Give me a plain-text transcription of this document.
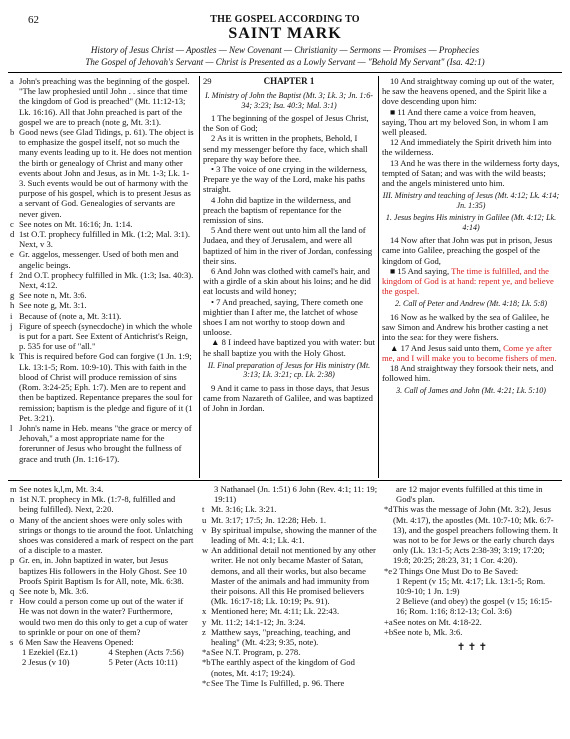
62	THE GOSPEL ACCORDING TO
SAINT MARK
History of Jesus Christ — Apostles — New Covenant — Christianity — Sermons — Promises — Prophecies
The Gospel of Jehovah's Servant — Christ is Presented as a Lowly Servant — "Behold My Servant" (Isa. 42:1)

a John's preaching was the beginning of the gospel. "The law prophesied until John . . since that time the kingdom of God is preached" (Mt. 11:12-13; Lk. 16:16). All that John preached is part of the gospel we are to preach (note g, Mt. 3:1).

b Good news (see Glad Tidings, p. 61). The object is to emphasize the gospel itself, not so much the many events leading up to it. He does not mention the birth or genealogy of Christ and many other events about John and Jesus, as in Mt. 1-3; Lk. 1-3. Such events would be out of harmony with the purpose of his gospel, which is to present Jesus as a servant of God. Genealogies of servants are never given.

c See notes on Mt. 16:16; Jn. 1:14.

d 1st O.T. prophecy fulfilled in Mk. (1:2; Mal. 3:1). Next, v 3.

e Gr. aggelos, messenger. Used of both men and angelic beings.

f 2nd O.T. prophecy fulfilled in Mk. (1:3; Isa. 40:3). Next, 4:12.

g See note n, Mt. 3:6.

h See note g, Mt. 3:1.

i Because of (note a, Mt. 3:11).

j Figure of speech (synecdoche) in which the whole is put for a part. See Extent of Antichrist's Reign, p. 535 for use of "all."

k This is required before God can forgive (1 Jn. 1:9; Lk. 13:1-5; Rom. 10:9-10). This with faith in the blood of Christ will produce remission of sins (Rom. 3:24-25; Eph. 1:7). Men are to repent and then be baptized. Repentance prepares the soul for remission; baptism is the pledge and figure of it (1 Pet. 3:21).

l John's name in Heb. means "the grace or mercy of Jehovah," a most appropriate name for the forerunner of Jesus who brought the fullness of grace and truth (Jn. 1:16-17).

29	CHAPTER 1
I. Ministry of John the Baptist (Mt. 3; Lk. 3; Jn. 1:6-34; 3:23; Isa. 40:3; Mal. 3:1)

1 The beginning of the gospel of Jesus Christ, the Son of God;

2 As it is written in the prophets, Behold, I send my messenger before thy face, which shall prepare thy way before thee.

• 3 The voice of one crying in the wilderness, Prepare ye the way of the Lord, make his paths straight.

4 John did baptize in the wilderness, and preach the baptism of repentance for the remission of sins.

5 And there went out unto him all the land of Judaea, and they of Jerusalem, and were all baptized of him in the river of Jordan, confessing their sins.

6 And John was clothed with camel's hair, and with a girdle of a skin about his loins; and he did eat locusts and wild honey;

• 7 And preached, saying, There cometh one mightier than I after me, the latchet of whose shoes I am not worthy to stoop down and unloose.

▲ 8 I indeed have baptized you with water: but he shall baptize you with the Holy Ghost.

II. Final preparation of Jesus for His ministry (Mt. 3:13; Lk. 3:21; cp. Lk. 2:38)

9 And it came to pass in those days, that Jesus came from Nazareth of Galilee, and was baptized of John in Jordan.

10 And straightway coming up out of the water, he saw the heavens opened, and the Spirit like a dove descending upon him:

■ 11 And there came a voice from heaven, saying, Thou art my beloved Son, in whom I am well pleased.

12 And immediately the Spirit driveth him into the wilderness.

13 And he was there in the wilderness forty days, tempted of Satan; and was with the wild beasts; and the angels ministered unto him.

III. Ministry and teaching of Jesus (Mt. 4:12; Lk. 4:14; Jn. 1:35)
1. Jesus begins His ministry in Galilee (Mt. 4:12; Lk. 4:14)

14 Now after that John was put in prison, Jesus came into Galilee, preaching the gospel of the kingdom of God,

■ 15 And saying, The time is fulfilled, and the kingdom of God is at hand: repent ye, and believe the gospel.

2. Call of Peter and Andrew (Mt. 4:18; Lk. 5:8)

16 Now as he walked by the sea of Galilee, he saw Simon and Andrew his brother casting a net into the sea: for they were fishers.

▲ 17 And Jesus said unto them, Come ye after me, and I will make you to become fishers of men.

18 And straightway they forsook their nets, and followed him.

3. Call of James and John (Mt. 4:21; Lk. 5:10)

m See notes k,l,m, Mt. 3:4.

n 1st N.T. prophecy in Mk. (1:7-8, fulfilled and being fulfilled). Next, 2:20.

o Many of the ancient shoes were only soles with strings or thongs to tie around the foot. Unlatching shoes was considered a mark of respect on the part of a disciple to a master.

p Gr. en, in. John baptized in water, but Jesus baptizes His followers in the Holy Ghost. See 10 Proofs Spirit Baptism Is for All, note, Mk. 6:38.

q See note b, Mk. 3:6.

r How could a person come up out of the water if He was not down in the water? Furthermore, would two men do this only to get a cup of water to sprinkle or pour on one of them?

s 6 Men Saw the Heavens Opened:

1 Ezekiel (Ez.1)	4 Stephen (Acts 7:56)
2 Jesus (v 10)	5 Peter (Acts 10:11)

3 Nathanael (Jn. 1:51) 6 John (Rev. 4:1; 11: 19; 19:11)

t Mt. 3:16; Lk. 3:21.

u Mt. 3:17; 17:5; Jn. 12:28; Heb. 1.

v By spiritual impulse, showing the manner of the leading of Mt. 4:1; Lk. 4:1.

w An additional detail not mentioned by any other writer. He not only became Master of Satan, demons, and all their works, but also became Master of the animals and had immunity from their poisons. All this He promised believers (Mk. 16:17-18; Lk. 10:19; Ps. 91).

x Mentioned here; Mt. 4:11; Lk. 22:43.

y Mt. 11:2; 14:1-12; Jn. 3:24.

z Matthew says, "preaching, teaching, and healing" (Mt. 4:23; 9:35, note).

*a See N.T. Program, p. 278.

*b The earthly aspect of the kingdom of God (notes, Mt. 4:17; 19:24).

*c See The Time Is Fulfilled, p. 96. There

are 12 major events fulfilled at this time in God's plan.

*d This was the message of John (Mt. 3:2), Jesus (Mt. 4:17), the apostles (Mt. 10:7-10; Mk. 6:7-13), and the gospel preachers following them. It was not to be for Jews or the early church days only (Lk. 13:1-5; Acts 2:38-39; 3:19; 17:20; 19:8; 20:25; 28:23, 31; 1 Cor. 4:20).

*e 2 Things One Must Do to Be Saved:

1 Repent (v 15; Mt. 4:17; Lk. 13:1-5; Rom. 10:9-10; 1 Jn. 1:9)

2 Believe (and obey) the gospel (v 15; 16:15-16; Rom. 1:16; 8:12-13; Col. 3:6)

+a See notes on Mt. 4:18-22.

+b See note b, Mk. 3:6.

✝ ✝ ✝
